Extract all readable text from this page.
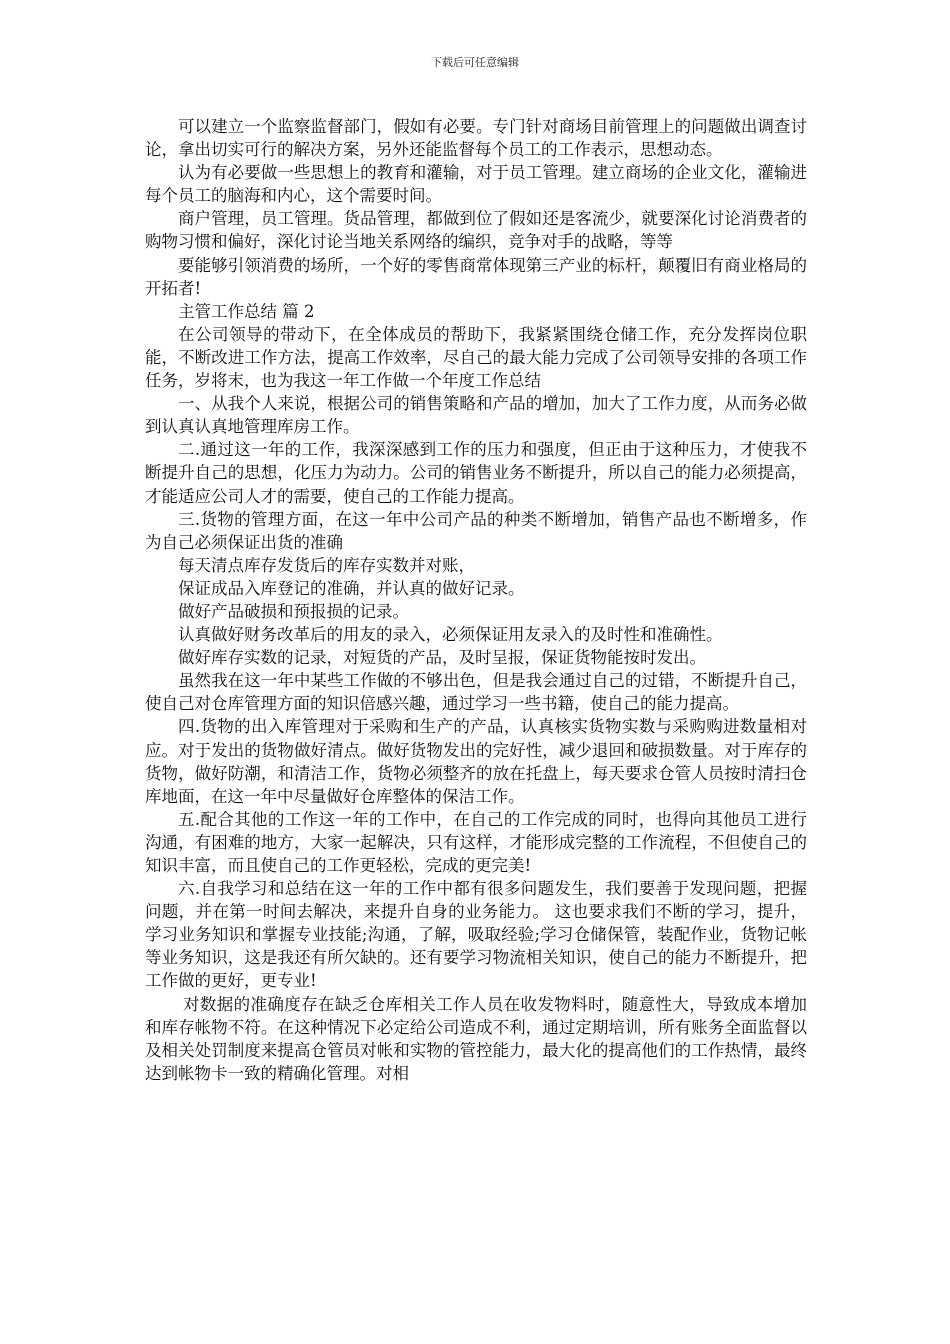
下载后可任意编辑

可以建立一个监察监督部门，假如有必要。专门针对商场目前管理上的问题做出调查讨论，拿出切实可行的解决方案，另外还能监督每个员工的工作表示，思想动态。

认为有必要做一些思想上的教育和灌输，对于员工管理。建立商场的企业文化，灌输进每个员工的脑海和内心，这个需要时间。

商户管理，员工管理。货品管理，都做到位了假如还是客流少，就要深化讨论消费者的购物习惯和偏好，深化讨论当地关系网络的编织，竞争对手的战略，等等

要能够引领消费的场所，一个好的零售商常体现第三产业的标杆，颠覆旧有商业格局的开拓者!

主管工作总结 篇 2

在公司领导的带动下，在全体成员的帮助下，我紧紧围绕仓储工作，充分发挥岗位职能，不断改进工作方法，提高工作效率，尽自己的最大能力完成了公司领导安排的各项工作任务，岁将末，也为我这一年工作做一个年度工作总结

一、从我个人来说，根据公司的销售策略和产品的增加，加大了工作力度，从而务必做到认真认真地管理库房工作。

二.通过这一年的工作，我深深感到工作的压力和强度，但正由于这种压力，才使我不断提升自己的思想，化压力为动力。公司的销售业务不断提升，所以自己的能力必须提高，才能适应公司人才的需要，使自己的工作能力提高。

三.货物的管理方面，在这一年中公司产品的种类不断增加，销售产品也不断增多，作为自己必须保证出货的准确

每天清点库存发货后的库存实数并对账，

保证成品入库登记的准确，并认真的做好记录。

做好产品破损和预报损的记录。

认真做好财务改革后的用友的录入，必须保证用友录入的及时性和准确性。

做好库存实数的记录，对短货的产品，及时呈报，保证货物能按时发出。

虽然我在这一年中某些工作做的不够出色，但是我会通过自己的过错，不断提升自己，使自己对仓库管理方面的知识倍感兴趣，通过学习一些书籍，使自己的能力提高。

四.货物的出入库管理对于采购和生产的产品，认真核实货物实数与采购购进数量相对应。对于发出的货物做好清点。做好货物发出的完好性，减少退回和破损数量。对于库存的货物，做好防潮，和清洁工作，货物必须整齐的放在托盘上，每天要求仓管人员按时清扫仓库地面，在这一年中尽量做好仓库整体的保洁工作。

五.配合其他的工作这一年的工作中，在自己的工作完成的同时，也得向其他员工进行沟通，有困难的地方，大家一起解决，只有这样，才能形成完整的工作流程，不但使自己的知识丰富，而且使自己的工作更轻松，完成的更完美!

六.自我学习和总结在这一年的工作中都有很多问题发生，我们要善于发现问题，把握问题，并在第一时间去解决，来提升自身的业务能力。 这也要求我们不断的学习，提升，学习业务知识和掌握专业技能;沟通，了解，吸取经验;学习仓储保管，装配作业，货物记帐等业务知识，这是我还有所欠缺的。还有要学习物流相关知识，使自己的能力不断提升，把工作做的更好，更专业!

对数据的准确度存在缺乏仓库相关工作人员在收发物料时，随意性大，导致成本增加和库存帐物不符。在这种情况下必定给公司造成不利，通过定期培训，所有账务全面监督以及相关处罚制度来提高仓管员对帐和实物的管控能力，最大化的提高他们的工作热情，最终达到帐物卡一致的精确化管理。对相
